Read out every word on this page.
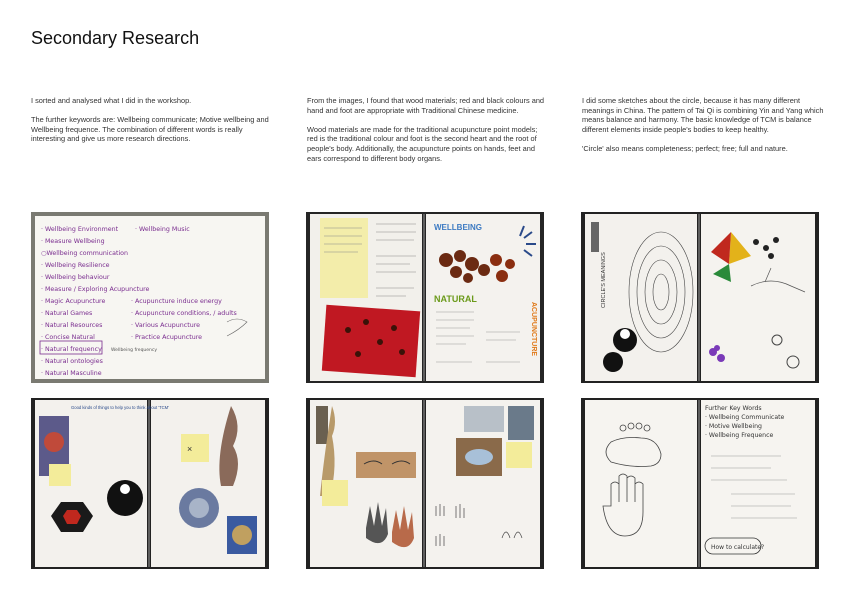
Secondary Research

I sorted and analysed what I did in the workshop.

The further keywords are: Wellbeing communicate; Motive wellbeing and Wellbeing frequence. The combination of different words is really interesting and give us more research directions.

From the images, I found that wood materials; red and black colours and hand and foot are appropriate with Traditional Chinese medicine.

Wood materials are made for the traditional acupuncture point models; red is the traditional colour and foot is the second heart and the root of people's body. Additionally, the acupuncture points on hands, feet and ears correspond to different body organs.

I did some sketches about the circle, because it has many different meanings in China. The pattern of Tai Qi is combining Yin and Yang which means balance and harmony. The basic knowledge of TCM is balance different elements inside people's bodies to keep healthy.

'Circle' also means completeness; perfect; free; full and nature.

· Wellbeing Environment
· Measure Wellbeing
○Wellbeing communication
· Wellbeing Resilience
· Wellbeing behaviour
· Measure / Exploring Acupuncture
· Magic Acupuncture
· Natural Games
· Natural Resources
· Concise Natural
· Natural frequency
· Natural ontologies
· Natural Masculine
· Wellbeing Music
· Acupuncture induce energy
· Acupuncture conditions, / adults
· Various Acupuncture
· Practice Acupuncture
Wellbeing frequency
WELLBEING
NATURAL
ACUPUNCTURE
CIRCLE'S MEANINGS
Good kinds of things to help you to think about 'TCM'
×
Further Key Words
· Wellbeing Communicate
· Motive Wellbeing
· Wellbeing Frequence
How to calculate?
